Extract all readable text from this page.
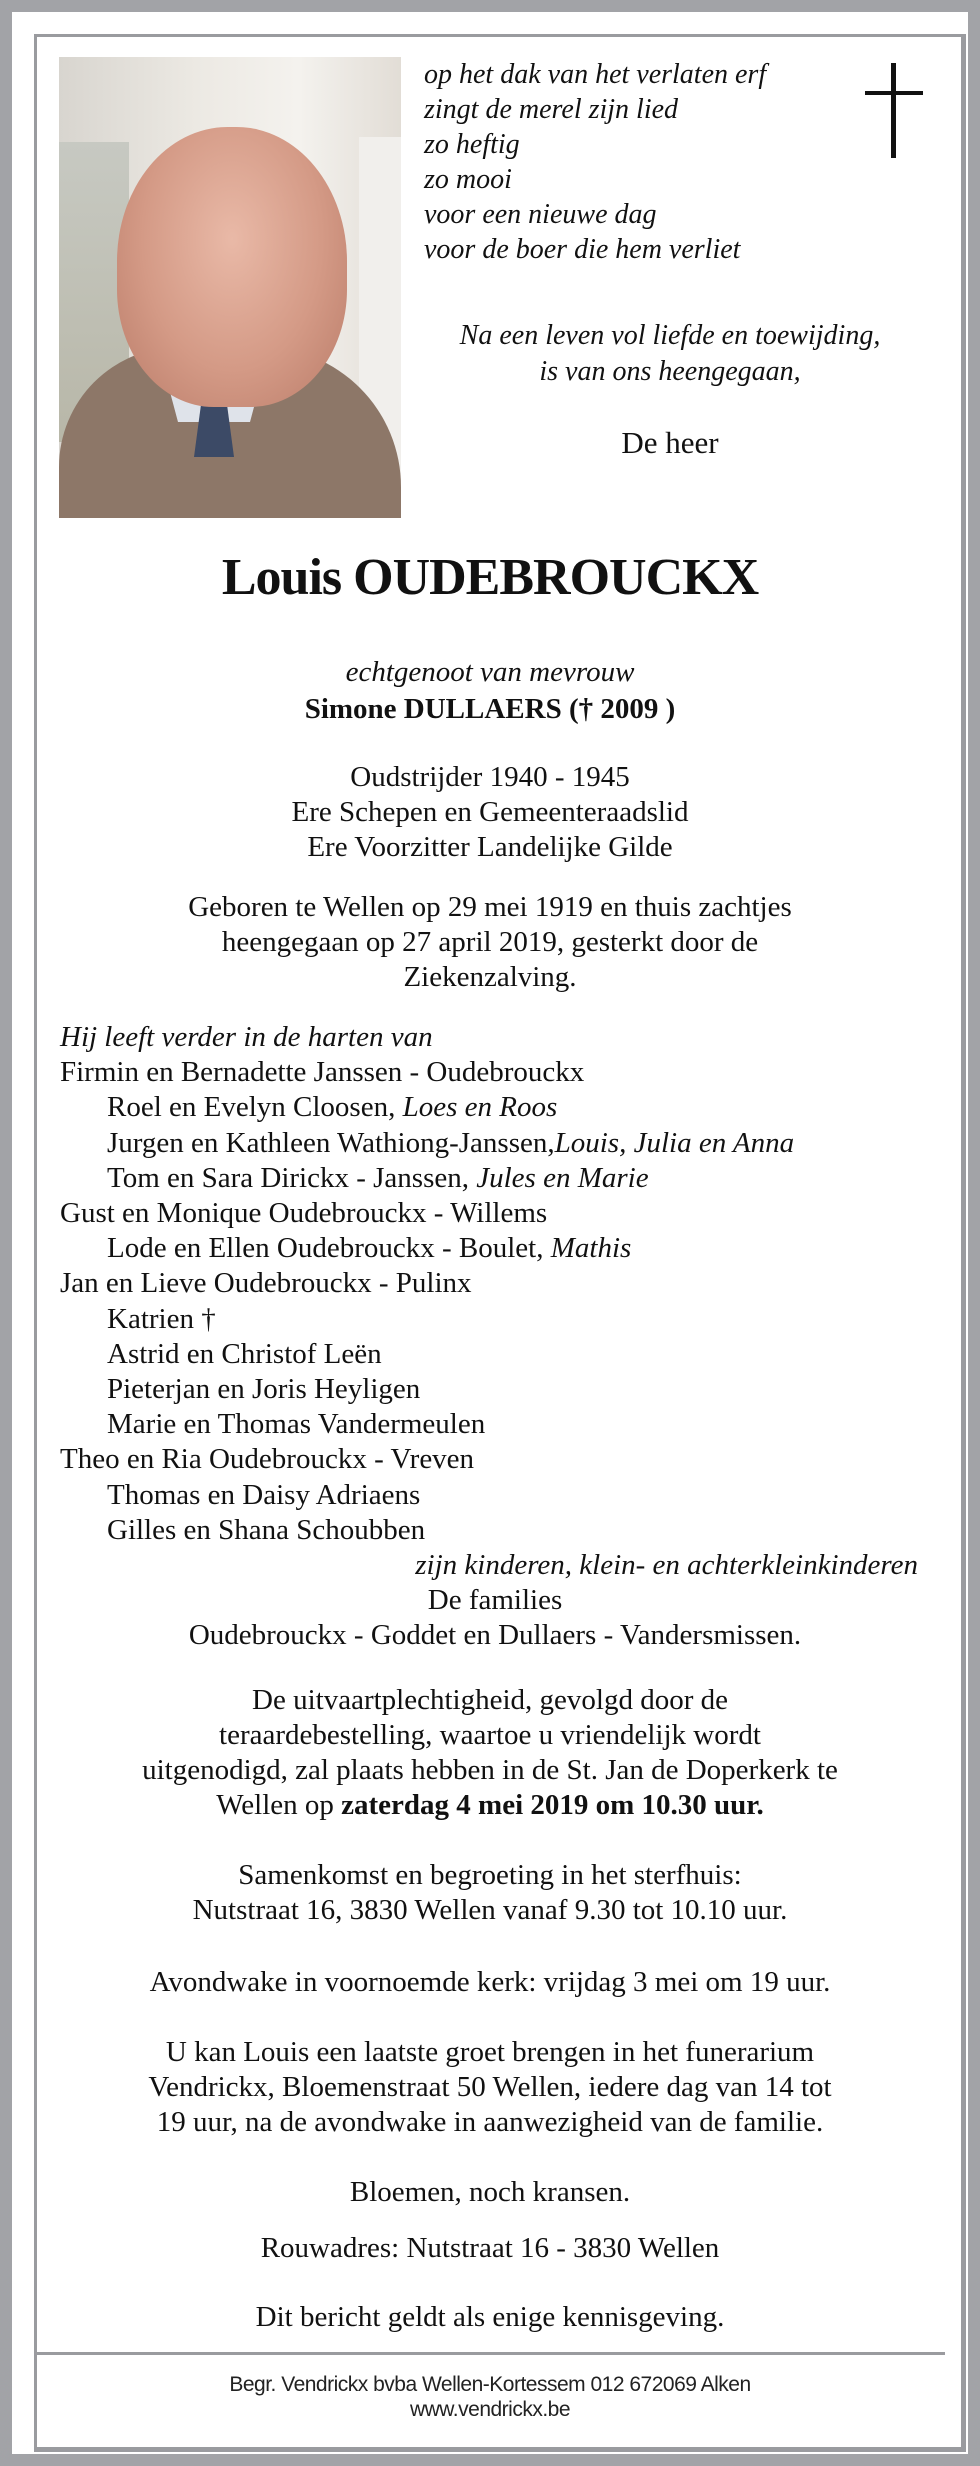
op het dak van het verlaten erf
zingt de merel zijn lied
zo heftig
zo mooi
voor een nieuwe dag
voor de boer die hem verliet
Na een leven vol liefde en toewijding,
is van ons heengegaan,
De heer
Louis OUDEBROUCKX
echtgenoot van mevrouw
Simone DULLAERS († 2009 )
Oudstrijder 1940 - 1945
Ere Schepen en Gemeenteraadslid
Ere Voorzitter Landelijke Gilde
Geboren te Wellen op 29 mei 1919 en thuis zachtjes
heengegaan op 27 april 2019, gesterkt door de
Ziekenzalving.
Hij leeft verder in de harten van
Firmin en Bernadette Janssen - Oudebrouckx
Roel en Evelyn Cloosen, Loes en Roos
Jurgen en Kathleen Wathiong-Janssen,Louis, Julia en Anna
Tom en Sara Dirickx - Janssen, Jules en Marie
Gust en Monique Oudebrouckx - Willems
Lode en Ellen Oudebrouckx - Boulet, Mathis
Jan en Lieve Oudebrouckx - Pulinx
Katrien †
Astrid en Christof Leën
Pieterjan en Joris Heyligen
Marie en Thomas Vandermeulen
Theo en Ria Oudebrouckx - Vreven
Thomas en Daisy Adriaens
Gilles en Shana Schoubben
zijn kinderen, klein- en achterkleinkinderen
De families
Oudebrouckx - Goddet en Dullaers - Vandersmissen.
De uitvaartplechtigheid, gevolgd door de
teraardebestelling, waartoe u vriendelijk wordt
uitgenodigd, zal plaats hebben in de St. Jan de Doperkerk te
Wellen op zaterdag 4 mei 2019 om 10.30 uur.
Samenkomst en begroeting in het sterfhuis:
Nutstraat 16, 3830 Wellen vanaf 9.30 tot 10.10 uur.
Avondwake in voornoemde kerk: vrijdag 3 mei om 19 uur.
U kan Louis een laatste groet brengen in het funerarium
Vendrickx, Bloemenstraat 50 Wellen, iedere dag van 14 tot
19 uur, na de avondwake in aanwezigheid van de familie.
Bloemen, noch kransen.
Rouwadres: Nutstraat 16 - 3830 Wellen
Dit bericht geldt als enige kennisgeving.
Begr. Vendrickx bvba Wellen-Kortessem 012 672069 Alken
www.vendrickx.be
